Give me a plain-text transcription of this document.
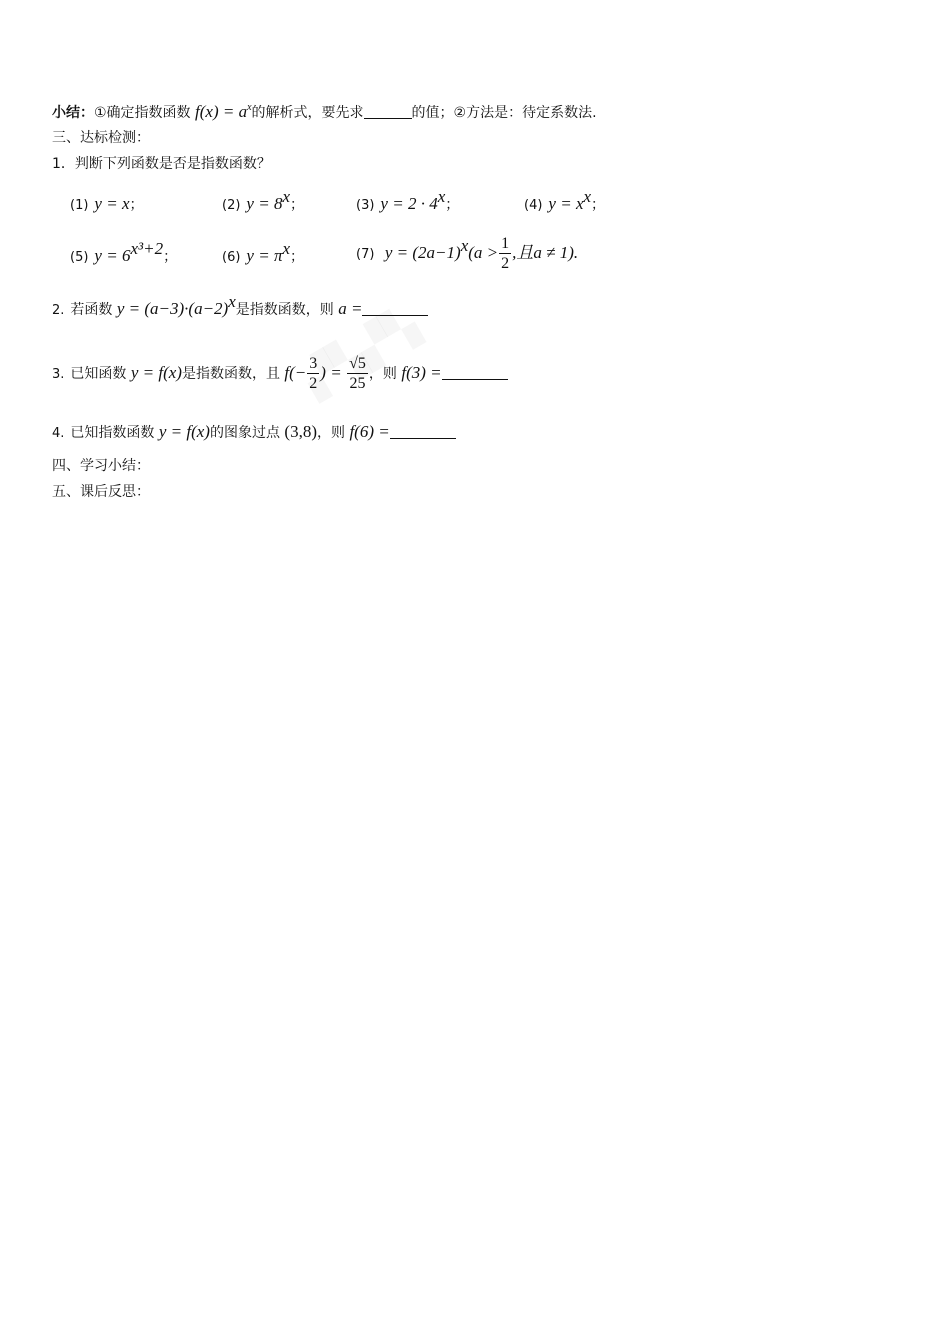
小结：①确定指数函数 $f(x) = a^x$的解析式，要先求	的值；②方法是：待定系数法.
三、达标检测：
1．判断下列函数是否是指数函数？
(1) y = x；	(2) $y = 8^x$；	(3) $y = 2 \cdot 4^x$；	(4) $y = x^x$；
(5) $y = 6^{x^3+2}$；	(6) $y = \pi^x$；	(7) $y = (2a-1)^x(a > \frac{1}{2}$ ,且a ≠ 1).
2. 若函数 $y = (a-3)\cdot(a-2)^x$是指数函数，则 a =
3. 已知函数 y = f(x)是指数函数，且 $f(- \frac{3}{2}$ ) = $\frac{√5}{25}$ ，则 f(3) =
4. 已知指数函数 y = f(x)的图象过点 (3,8)，则 f(6) =
四、学习小结：
五、课后反思：
